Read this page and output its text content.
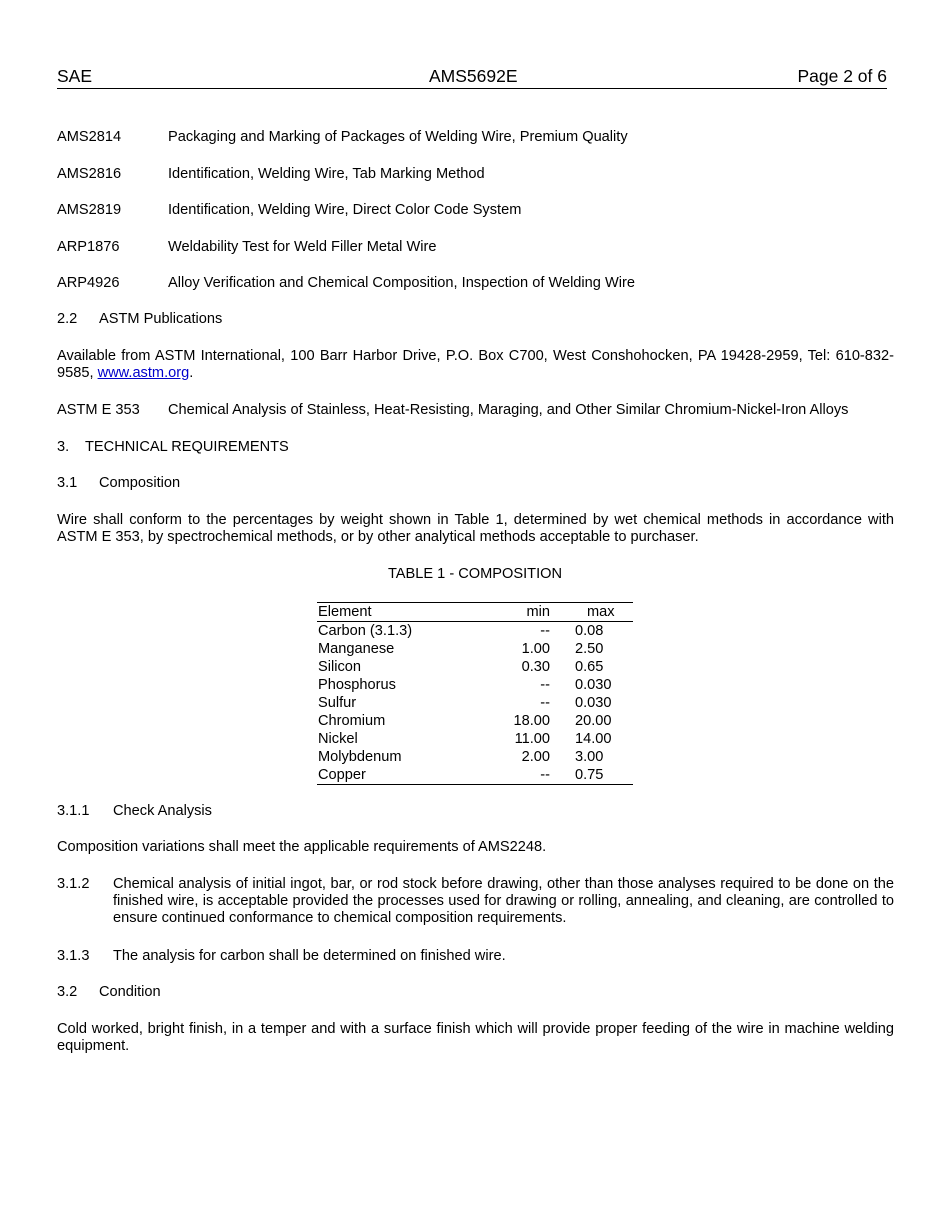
SAE	AMS5692E	Page 2 of 6
AMS2814	Packaging and Marking of Packages of Welding Wire, Premium Quality
AMS2816	Identification, Welding Wire, Tab Marking Method
AMS2819	Identification, Welding Wire, Direct Color Code System
ARP1876	Weldability Test for Weld Filler Metal Wire
ARP4926	Alloy Verification and Chemical Composition, Inspection of Welding Wire
2.2 ASTM Publications
Available from ASTM International, 100 Barr Harbor Drive, P.O. Box C700, West Conshohocken, PA 19428-2959, Tel: 610-832-9585, www.astm.org.
ASTM E 353 Chemical Analysis of Stainless, Heat-Resisting, Maraging, and Other Similar Chromium-Nickel-Iron Alloys
3. TECHNICAL REQUIREMENTS
3.1 Composition
Wire shall conform to the percentages by weight shown in Table 1, determined by wet chemical methods in accordance with ASTM E 353, by spectrochemical methods, or by other analytical methods acceptable to purchaser.
TABLE 1 - COMPOSITION
Element	min	max
Carbon (3.1.3)	-- 0.08
Manganese	1.00 2.50
Silicon	0.30 0.65
Phosphorus	-- 0.030
Sulfur	-- 0.030
Chromium	18.00 20.00
Nickel	11.00 14.00
Molybdenum	2.00 3.00
Copper	-- 0.75
3.1.1 Check Analysis
Composition variations shall meet the applicable requirements of AMS2248.
3.1.2 Chemical analysis of initial ingot, bar, or rod stock before drawing, other than those analyses required to be done on the finished wire, is acceptable provided the processes used for drawing or rolling, annealing, and cleaning, are controlled to ensure continued conformance to chemical composition requirements.
3.1.3 The analysis for carbon shall be determined on finished wire.
3.2 Condition
Cold worked, bright finish, in a temper and with a surface finish which will provide proper feeding of the wire in machine welding equipment.
